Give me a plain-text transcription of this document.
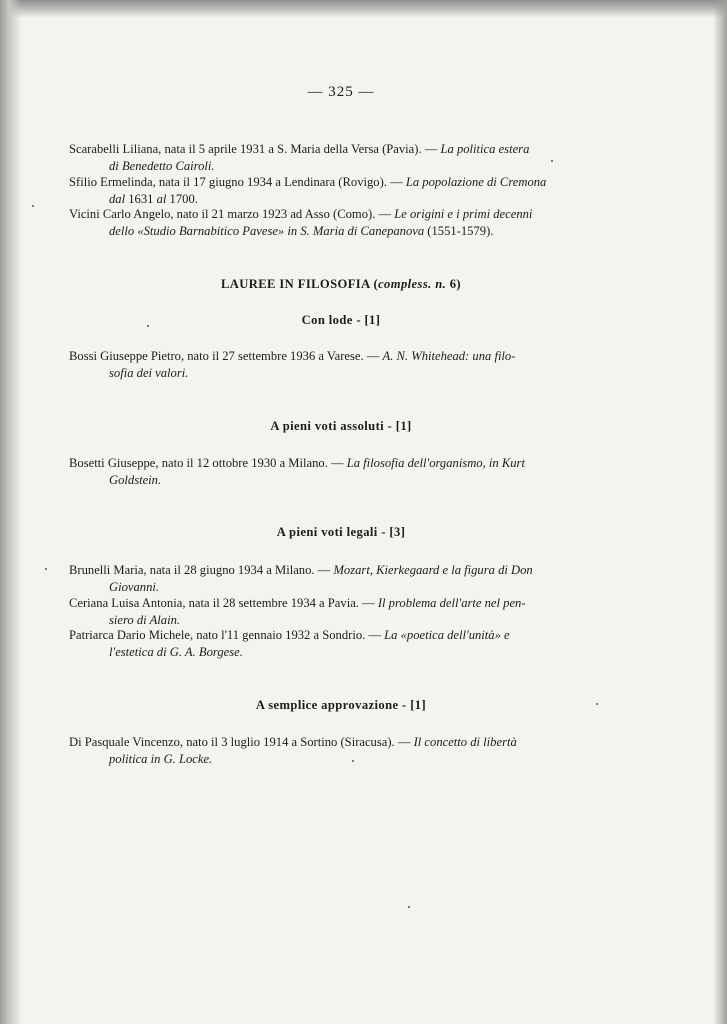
— 325 —
Scarabelli Liliana, nata il 5 aprile 1931 a S. Maria della Versa (Pavia). — La politica estera
di Benedetto Cairoli.
Sfilio Ermelinda, nata il 17 giugno 1934 a Lendinara (Rovigo). — La popolazione di Cremona
dal 1631 al 1700.
Vicini Carlo Angelo, nato il 21 marzo 1923 ad Asso (Como). — Le origini e i primi decenni
dello «Studio Barnabitico Pavese» in S. Maria di Canepanova (1551-1579).
LAUREE IN FILOSOFIA (compless. n. 6)
Con lode - [1]
Bossi Giuseppe Pietro, nato il 27 settembre 1936 a Varese. — A. N. Whitehead: una filo-
sofia dei valori.
A pieni voti assoluti - [1]
Bosetti Giuseppe, nato il 12 ottobre 1930 a Milano. — La filosofia dell'organismo, in Kurt
Goldstein.
A pieni voti legali - [3]
Brunelli Maria, nata il 28 giugno 1934 a Milano. — Mozart, Kierkegaard e la figura di Don
Giovanni.
Ceriana Luisa Antonia, nata il 28 settembre 1934 a Pavia. — Il problema dell'arte nel pen-
siero di Alain.
Patriarca Dario Michele, nato l'11 gennaio 1932 a Sondrio. — La «poetica dell'unità» e
l'estetica di G. A. Borgese.
A semplice approvazione - [1]
Di Pasquale Vincenzo, nato il 3 luglio 1914 a Sortino (Siracusa). — Il concetto di libertà
politica in G. Locke.
